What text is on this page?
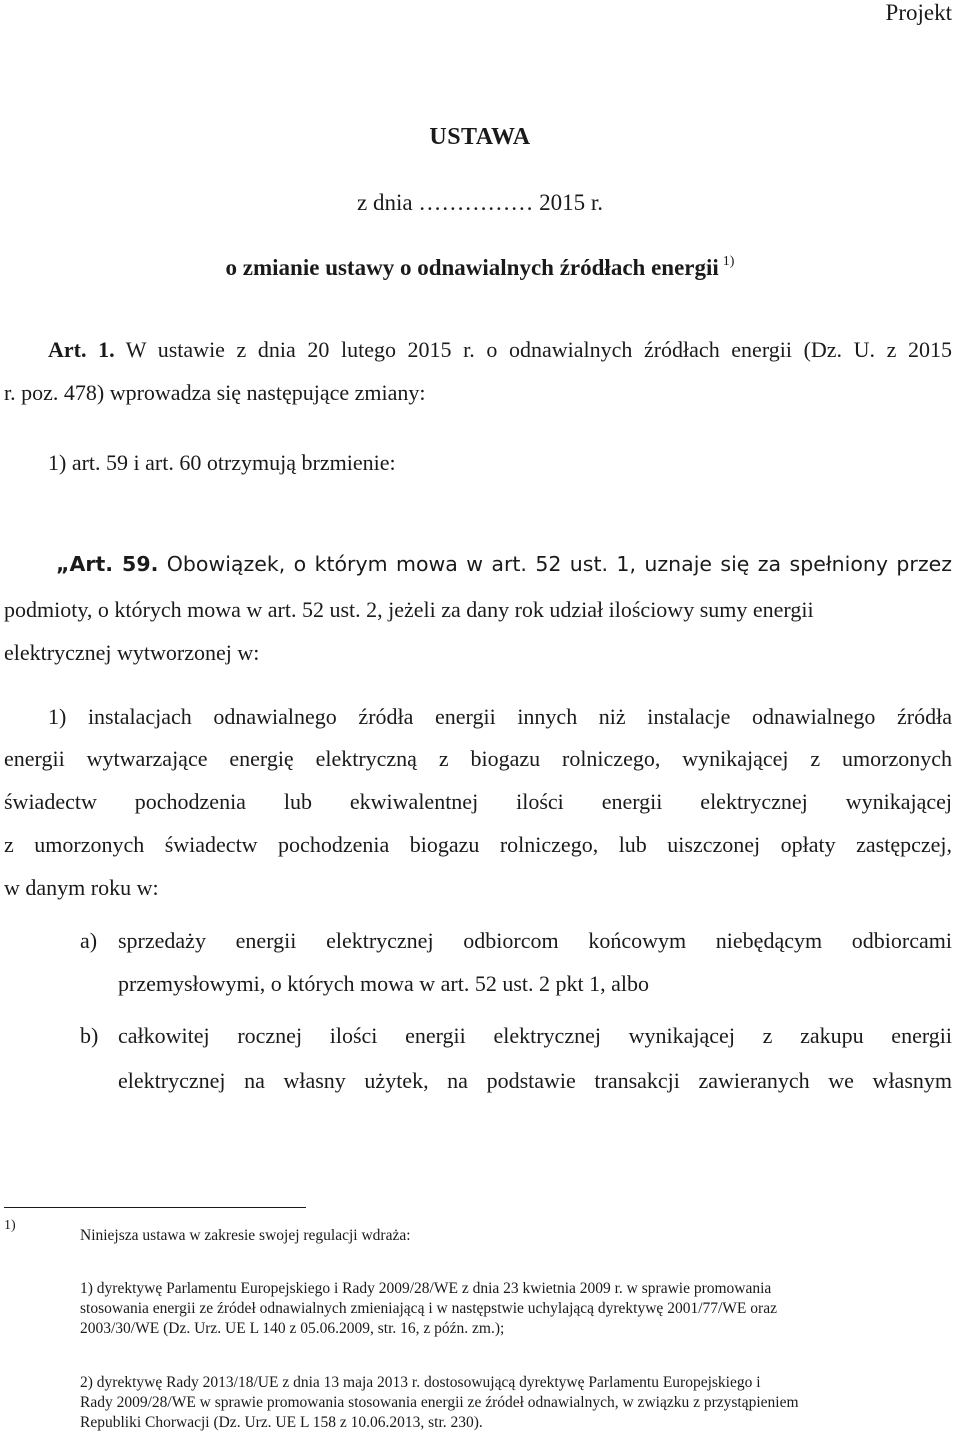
Projekt
USTAWA
z dnia …………… 2015 r.
o zmianie ustawy o odnawialnych źródłach energii $^{1)}$
Art. 1. W ustawie z dnia 20 lutego 2015 r. o odnawialnych źródłach energii (Dz. U. z 2015
r. poz. 478) wprowadza się następujące zmiany:
1) art. 59 i art. 60 otrzymują brzmienie:
„Art. 59. Obowiązek, o którym mowa w art. 52 ust. 1, uznaje się za spełniony przez
podmioty, o których mowa w art. 52 ust. 2, jeżeli za dany rok udział ilościowy sumy energii
elektrycznej wytworzonej w:
1) instalacjach odnawialnego źródła energii innych niż instalacje odnawialnego źródła
energii wytwarzające energię elektryczną z biogazu rolniczego, wynikającej z umorzonych
świadectw pochodzenia lub ekwiwalentnej ilości energii elektrycznej wynikającej
z umorzonych świadectw pochodzenia biogazu rolniczego, lub uiszczonej opłaty zastępczej,
w danym roku w:
a) sprzedaży energii elektrycznej odbiorcom końcowym niebędącym odbiorcami
przemysłowymi, o których mowa w art. 52 ust. 2 pkt 1, albo
b) całkowitej rocznej ilości energii elektrycznej wynikającej z zakupu energii
elektrycznej na własny użytek, na podstawie transakcji zawieranych we własnym
1)
Niniejsza ustawa w zakresie swojej regulacji wdraża:
1) dyrektywę Parlamentu Europejskiego i Rady 2009/28/WE z dnia 23 kwietnia 2009 r. w sprawie promowania
stosowania energii ze źródeł odnawialnych zmieniającą i w następstwie uchylającą dyrektywę 2001/77/WE oraz
2003/30/WE (Dz. Urz. UE L 140 z 05.06.2009, str. 16, z późn. zm.);
2) dyrektywę Rady 2013/18/UE z dnia 13 maja 2013 r. dostosowującą dyrektywę Parlamentu Europejskiego i
Rady 2009/28/WE w sprawie promowania stosowania energii ze źródeł odnawialnych, w związku z przystąpieniem
Republiki Chorwacji (Dz. Urz. UE L 158 z 10.06.2013, str. 230).
